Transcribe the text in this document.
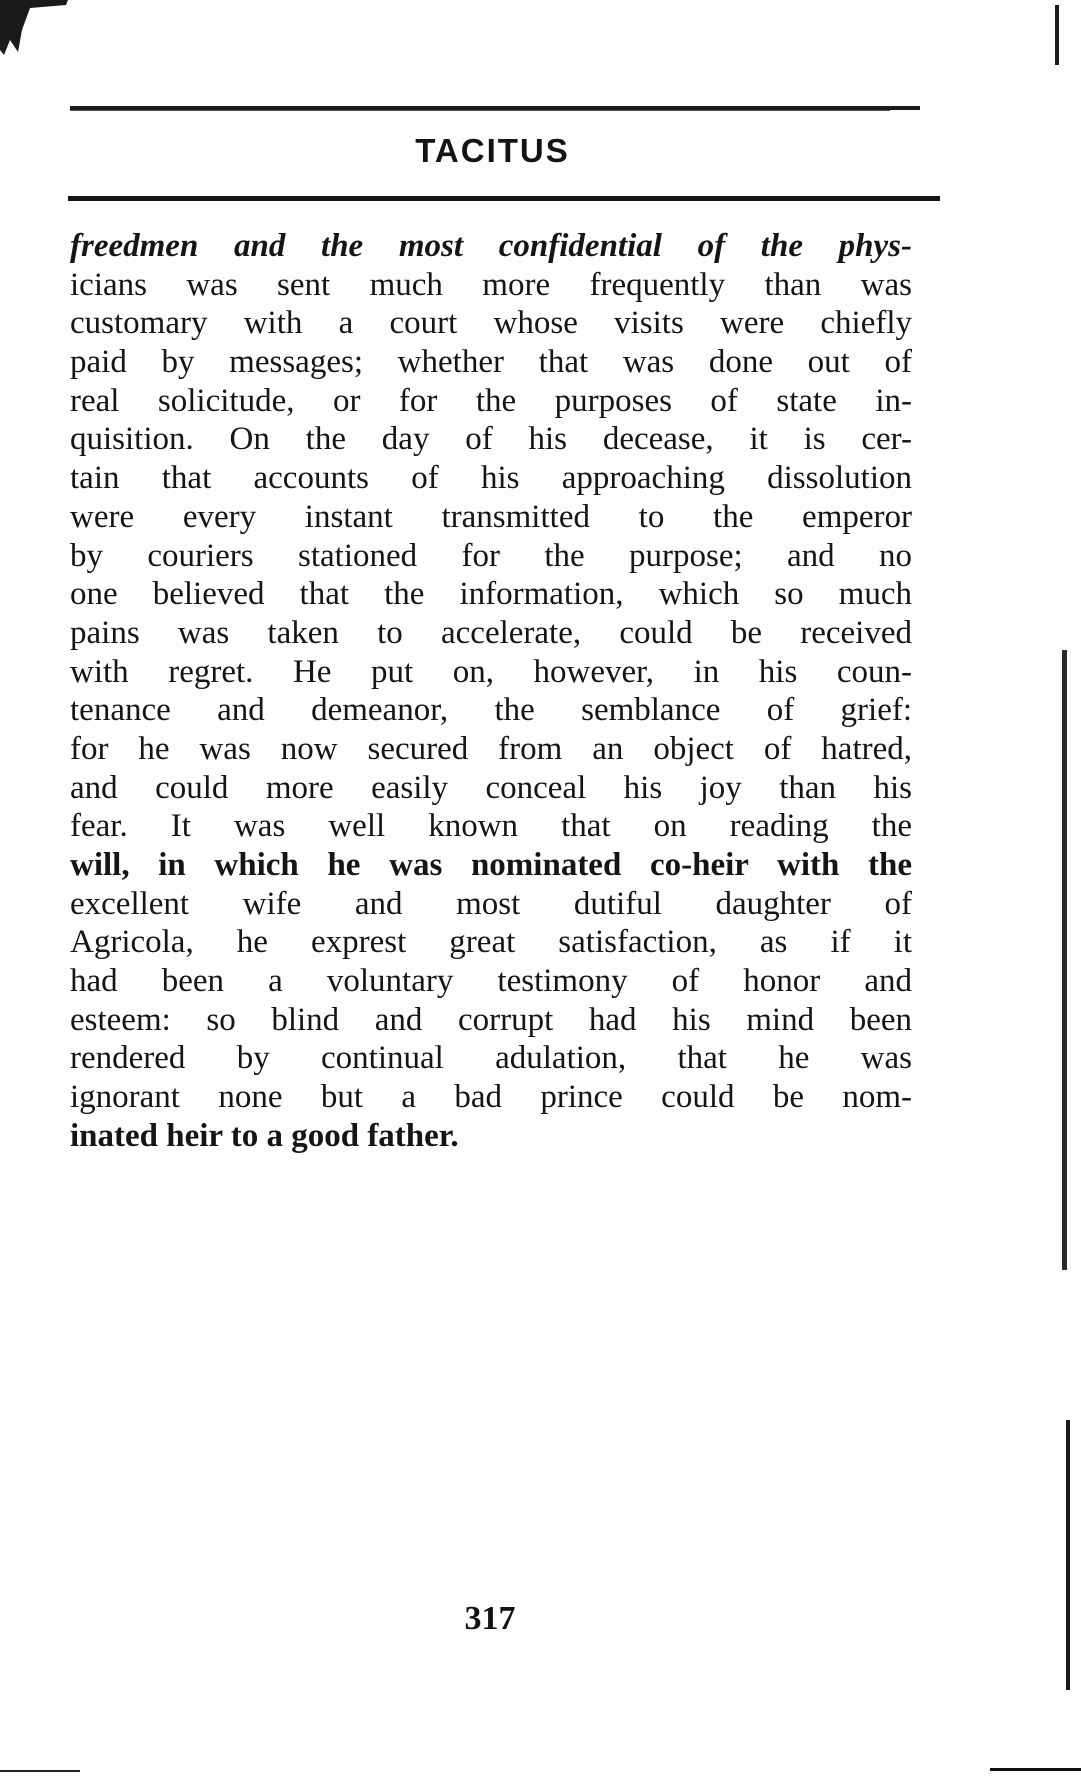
TACITUS
freedmen and the most confidential of the phys-
icians was sent much more frequently than was
customary with a court whose visits were chiefly
paid by messages; whether that was done out of
real solicitude, or for the purposes of state in-
quisition. On the day of his decease, it is cer-
tain that accounts of his approaching dissolution
were every instant transmitted to the emperor
by couriers stationed for the purpose; and no
one believed that the information, which so much
pains was taken to accelerate, could be received
with regret. He put on, however, in his coun-
tenance and demeanor, the semblance of grief:
for he was now secured from an object of hatred,
and could more easily conceal his joy than his
fear. It was well known that on reading the
will, in which he was nominated co-heir with the
excellent wife and most dutiful daughter of
Agricola, he exprest great satisfaction, as if it
had been a voluntary testimony of honor and
esteem: so blind and corrupt had his mind been
rendered by continual adulation, that he was
ignorant none but a bad prince could be nom-
inated heir to a good father.
317
